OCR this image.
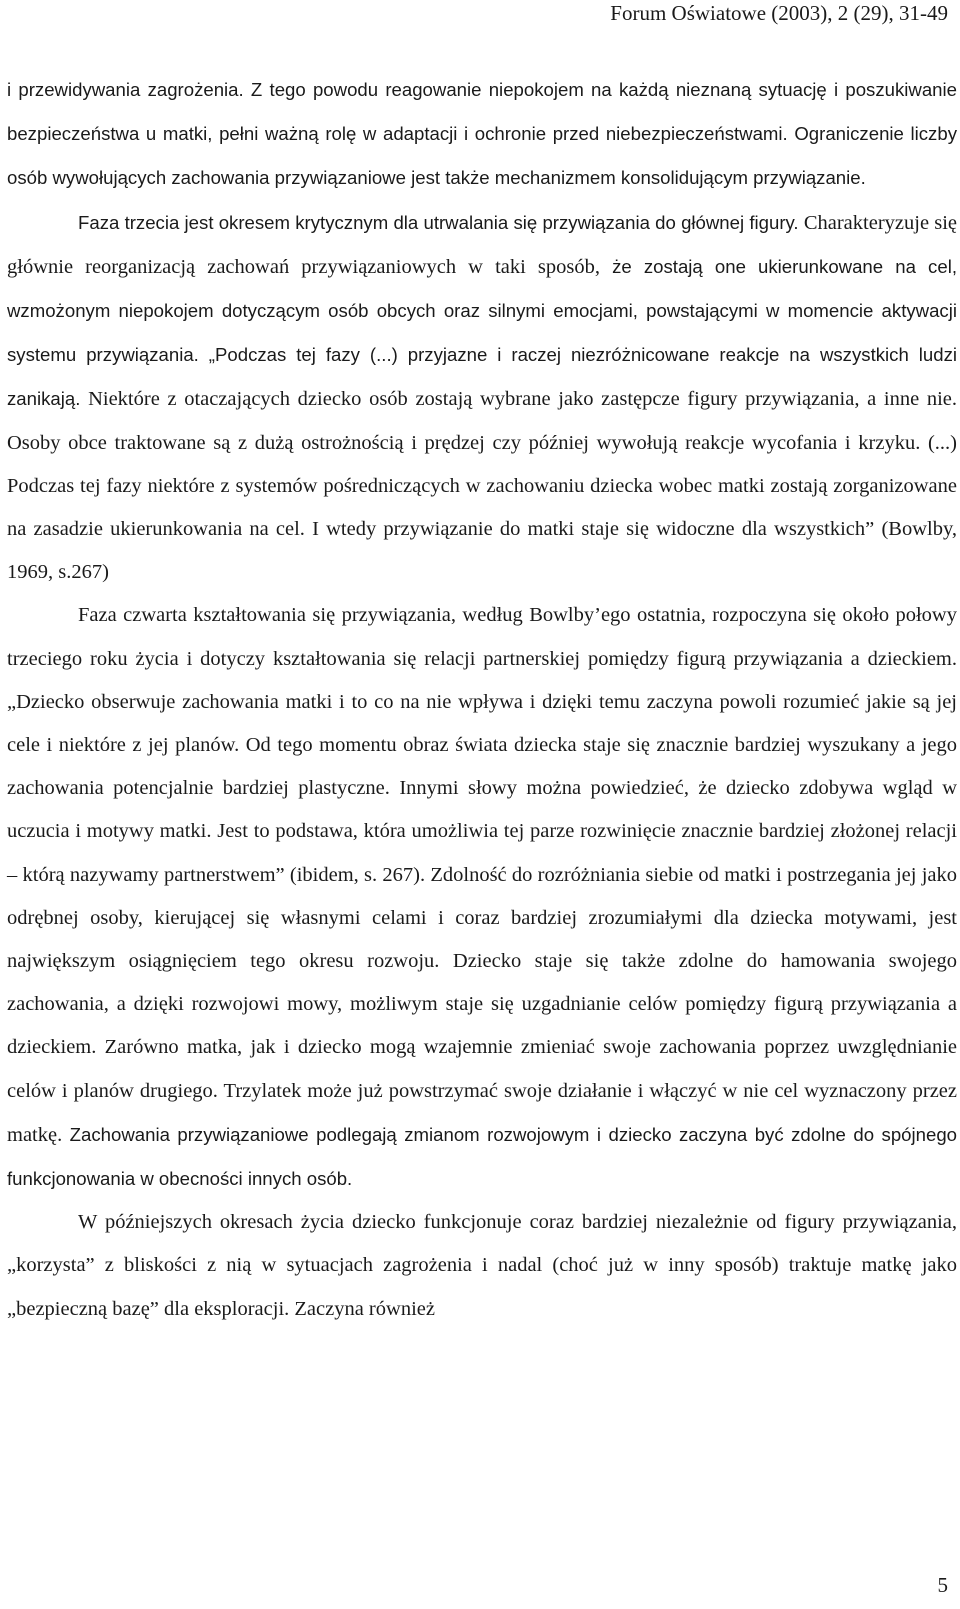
Forum Oświatowe (2003), 2 (29), 31-49

i przewidywania zagrożenia. Z tego powodu reagowanie niepokojem na każdą nieznaną sytuację i poszukiwanie bezpieczeństwa u matki, pełni ważną rolę w adaptacji i ochronie przed niebezpieczeństwami. Ograniczenie liczby osób wywołujących zachowania przywiązaniowe jest także mechanizmem konsolidującym przywiązanie.

Faza trzecia jest okresem krytycznym dla utrwalania się przywiązania do głównej figury. Charakteryzuje się głównie reorganizacją zachowań przywiązaniowych w taki sposób, że zostają one ukierunkowane na cel, wzmożonym niepokojem dotyczącym osób obcych oraz silnymi emocjami, powstającymi w momencie aktywacji systemu przywiązania. „Podczas tej fazy (...) przyjazne i raczej niezróżnicowane reakcje na wszystkich ludzi zanikają. Niektóre z otaczających dziecko osób zostają wybrane jako zastępcze figury przywiązania, a inne nie. Osoby obce traktowane są z dużą ostrożnością i prędzej czy później wywołują reakcje wycofania i krzyku. (...) Podczas tej fazy niektóre z systemów pośredniczących w zachowaniu dziecka wobec matki zostają zorganizowane na zasadzie ukierunkowania na cel. I wtedy przywiązanie do matki staje się widoczne dla wszystkich” (Bowlby, 1969, s.267)

Faza czwarta kształtowania się przywiązania, według Bowlby’ego ostatnia, rozpoczyna się około połowy trzeciego roku życia i dotyczy kształtowania się relacji partnerskiej pomiędzy figurą przywiązania a dzieckiem. „Dziecko obserwuje zachowania matki i to co na nie wpływa i dzięki temu zaczyna powoli rozumieć jakie są jej cele i niektóre z jej planów. Od tego momentu obraz świata dziecka staje się znacznie bardziej wyszukany a jego zachowania potencjalnie bardziej plastyczne. Innymi słowy można powiedzieć, że dziecko zdobywa wgląd w uczucia i motywy matki. Jest to podstawa, która umożliwia tej parze rozwinięcie znacznie bardziej złożonej relacji – którą nazywamy partnerstwem” (ibidem, s. 267). Zdolność do rozróżniania siebie od matki i postrzegania jej jako odrębnej osoby, kierującej się własnymi celami i coraz bardziej zrozumiałymi dla dziecka motywami, jest największym osiągnięciem tego okresu rozwoju. Dziecko staje się także zdolne do hamowania swojego zachowania, a dzięki rozwojowi mowy, możliwym staje się uzgadnianie celów pomiędzy figurą przywiązania a dzieckiem. Zarówno matka, jak i dziecko mogą wzajemnie zmieniać swoje zachowania poprzez uwzględnianie celów i planów drugiego. Trzylatek może już powstrzymać swoje działanie i włączyć w nie cel wyznaczony przez matkę. Zachowania przywiązaniowe podlegają zmianom rozwojowym i dziecko zaczyna być zdolne do spójnego funkcjonowania w obecności innych osób.

W późniejszych okresach życia dziecko funkcjonuje coraz bardziej niezależnie od figury przywiązania, „korzysta” z bliskości z nią w sytuacjach zagrożenia i nadal (choć już w inny sposób) traktuje matkę jako „bezpieczną bazę” dla eksploracji. Zaczyna również

5
